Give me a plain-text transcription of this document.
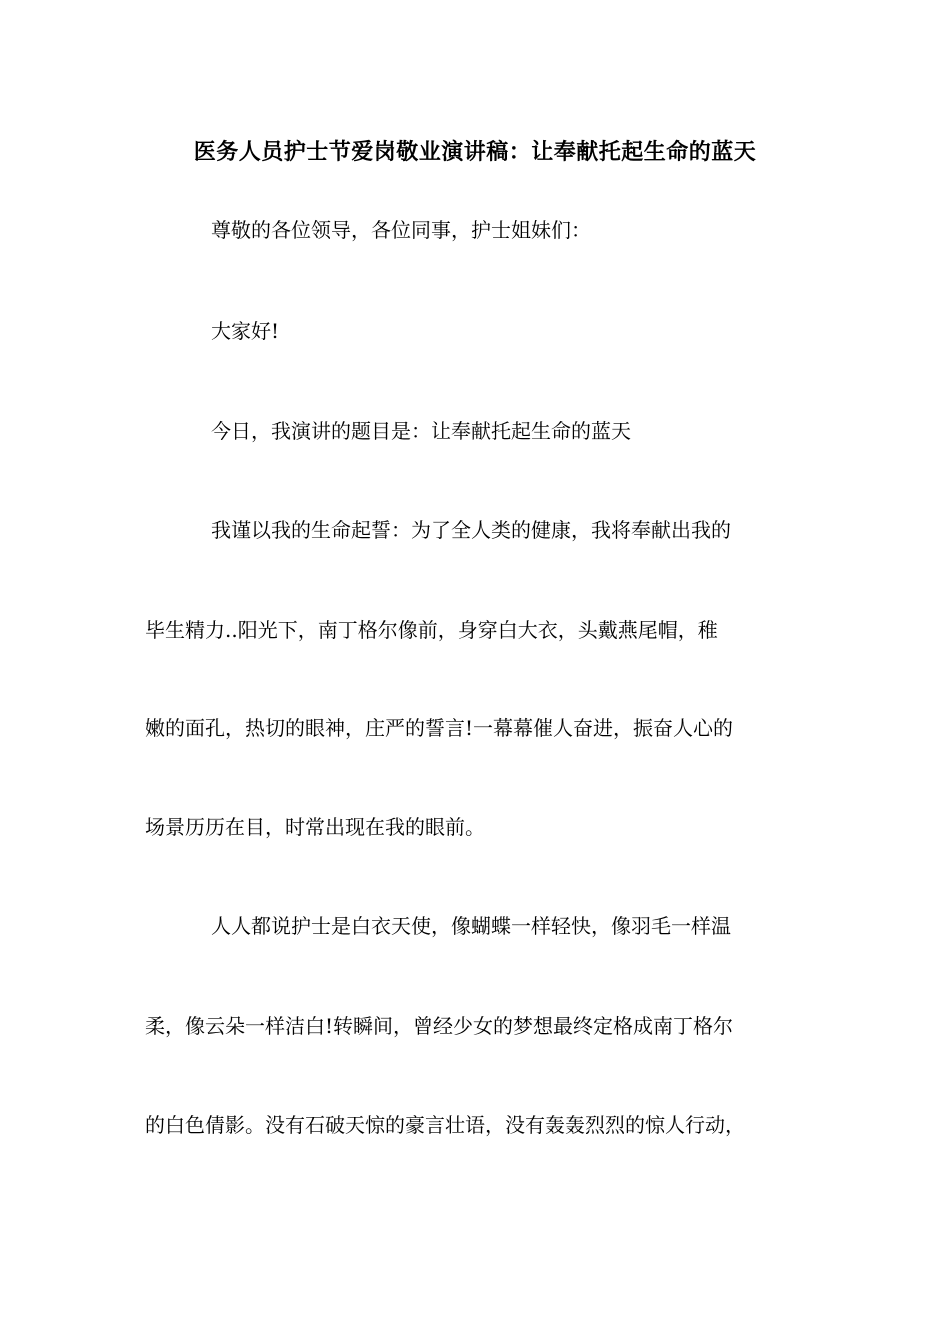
医务人员护士节爱岗敬业演讲稿：让奉献托起生命的蓝天
尊敬的各位领导，各位同事，护士姐妹们：
大家好!
今日，我演讲的题目是：让奉献托起生命的蓝天
我谨以我的生命起誓：为了全人类的健康，我将奉献出我的
毕生精力..阳光下，南丁格尔像前，身穿白大衣，头戴燕尾帽，稚
嫩的面孔，热切的眼神，庄严的誓言!一幕幕催人奋进，振奋人心的
场景历历在目，时常出现在我的眼前。
人人都说护士是白衣天使，像蝴蝶一样轻快，像羽毛一样温
柔，像云朵一样洁白!转瞬间，曾经少女的梦想最终定格成南丁格尔
的白色倩影。没有石破天惊的豪言壮语，没有轰轰烈烈的惊人行动，
